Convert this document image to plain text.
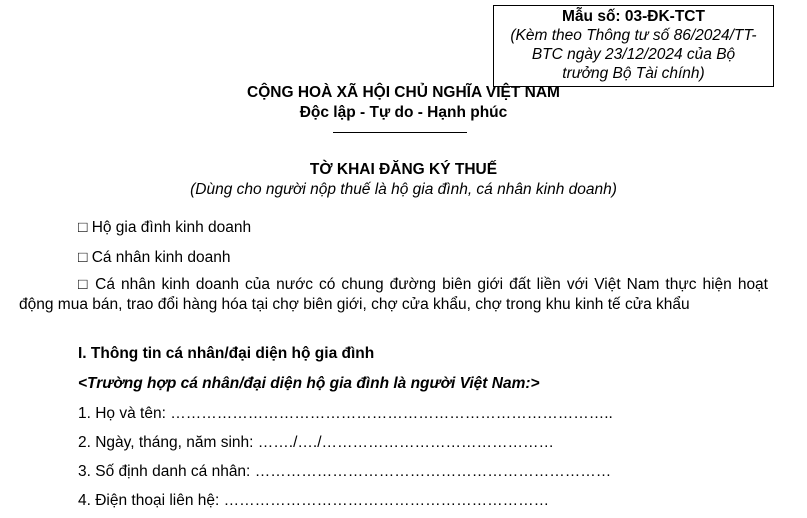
Mẫu số: 03-ĐK-TCT
(Kèm theo Thông tư số 86/2024/TT-
BTC ngày 23/12/2024 của Bộ
trưởng Bộ Tài chính)
CỘNG HOÀ XÃ HỘI CHỦ NGHĨA VIỆT NAM
Độc lập - Tự do - Hạnh phúc
TỜ KHAI ĐĂNG KÝ THUẾ
(Dùng cho người nộp thuế là hộ gia đình, cá nhân kinh doanh)
□ Hộ gia đình kinh doanh
□ Cá nhân kinh doanh
□ Cá nhân kinh doanh của nước có chung đường biên giới đất liền với Việt Nam thực hiện hoạt động mua bán, trao đổi hàng hóa tại chợ biên giới, chợ cửa khẩu, chợ trong khu kinh tế cửa khẩu
I. Thông tin cá nhân/đại diện hộ gia đình
<Trường hợp cá nhân/đại diện hộ gia đình là người Việt Nam:>
1. Họ và tên: …………………………………………………………………………..
2. Ngày, tháng, năm sinh: ……./…./………………………………………
3. Số định danh cá nhân: ……………………………………………………………
4. Điện thoại liên hệ: ………………………………………………………
